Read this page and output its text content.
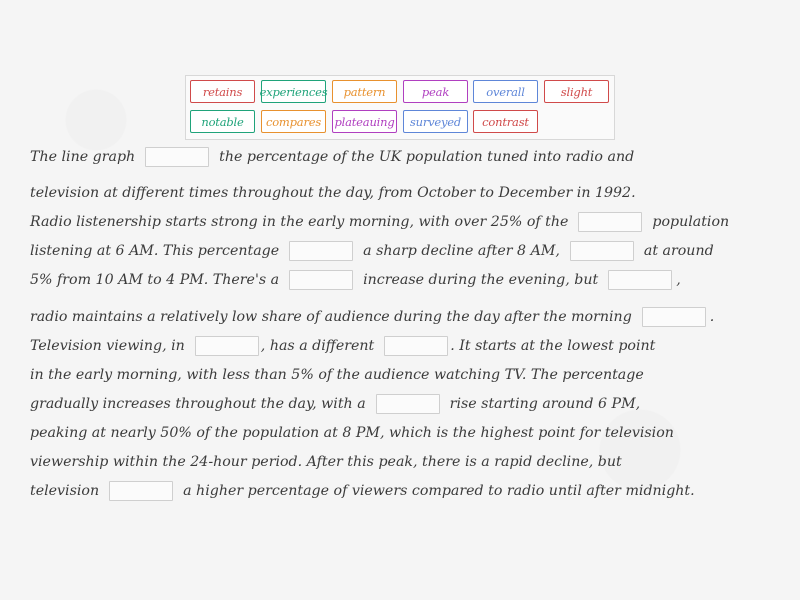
retains	experiences	pattern	peak	overall	slight
notable	compares	plateauing	surveyed	contrast
The line graph	the percentage of the UK population tuned into radio and
television at different times throughout the day, from October to December in 1992.
Radio listenership starts strong in the early morning, with over 25% of the	population
listening at 6 AM. This percentage	a sharp decline after 8 AM,	at around
5% from 10 AM to 4 PM. There's a	increase during the evening, but	,
radio maintains a relatively low share of audience during the day after the morning	.
Television viewing, in	, has a different	. It starts at the lowest point
in the early morning, with less than 5% of the audience watching TV. The percentage
gradually increases throughout the day, with a	rise starting around 6 PM,
peaking at nearly 50% of the population at 8 PM, which is the highest point for television
viewership within the 24-hour period. After this peak, there is a rapid decline, but
television	a higher percentage of viewers compared to radio until after midnight.
